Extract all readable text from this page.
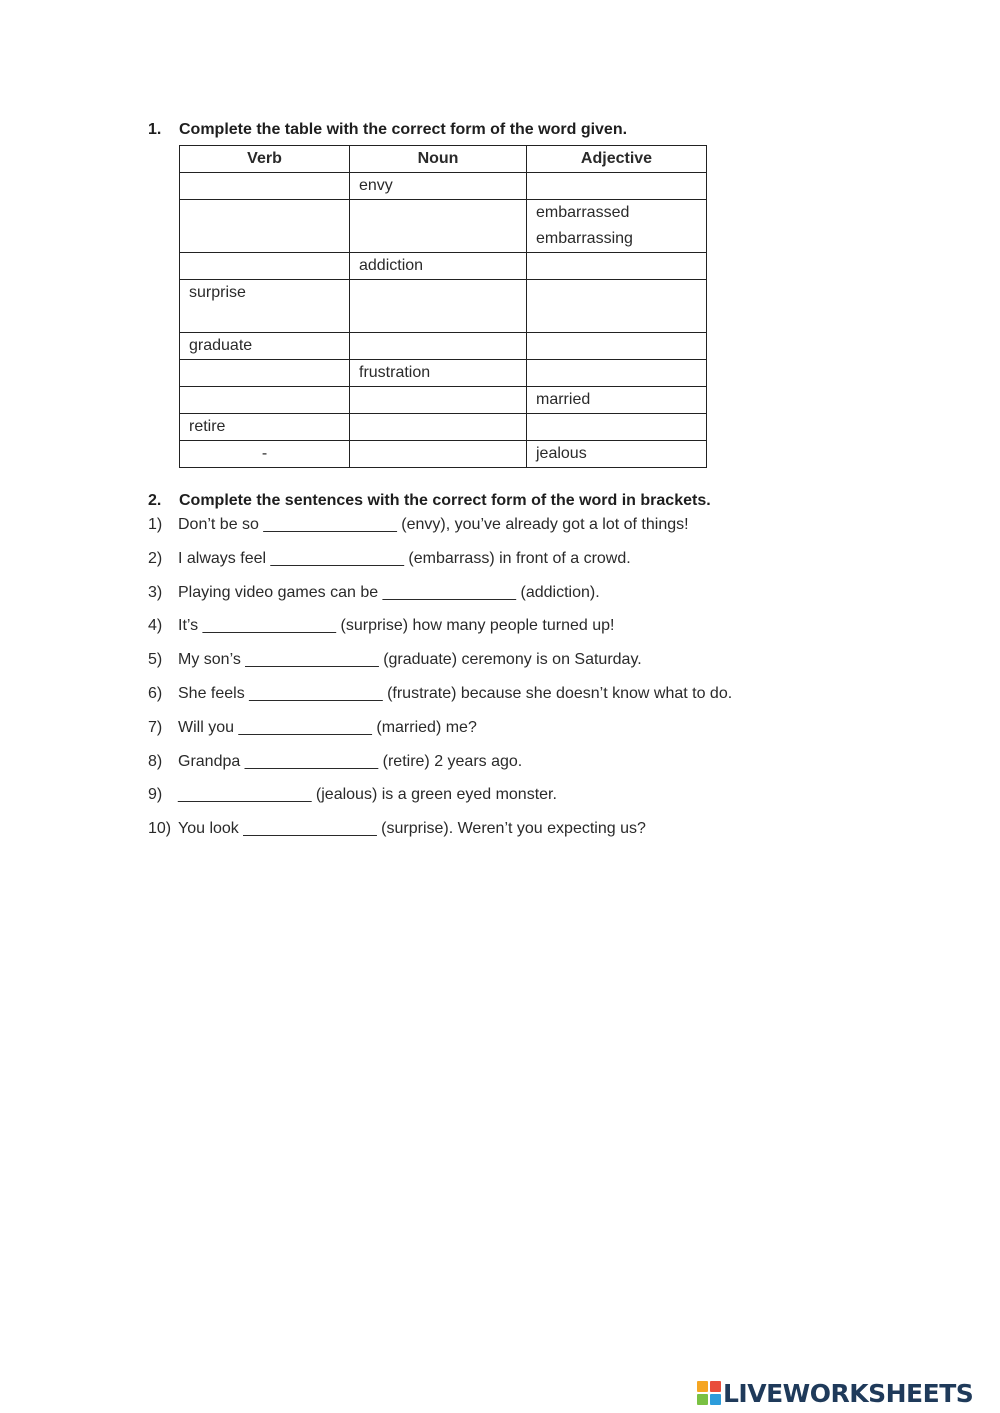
1.	Complete the table with the correct form of the word given.
Verb	Noun	Adjective
	envy	

		embarrassed
embarrassing

	addiction	
surprise		
graduate		
	frustration	
		married
retire		
-		jealous
2.	Complete the sentences with the correct form of the word in brackets.
1) Don’t be so _______________ (envy), you’ve already got a lot of things!
2) I always feel _______________ (embarrass) in front of a crowd.
3) Playing video games can be _______________ (addiction).
4) It’s _______________ (surprise) how many people turned up!
5) My son’s _______________ (graduate) ceremony is on Saturday.
6) She feels _______________ (frustrate) because she doesn’t know what to do.
7) Will you _______________ (married) me?
8) Grandpa _______________ (retire) 2 years ago.
9) _______________ (jealous) is a green eyed monster.
10) You look _______________ (surprise). Weren’t you expecting us?
LIVEWORKSHEETS
